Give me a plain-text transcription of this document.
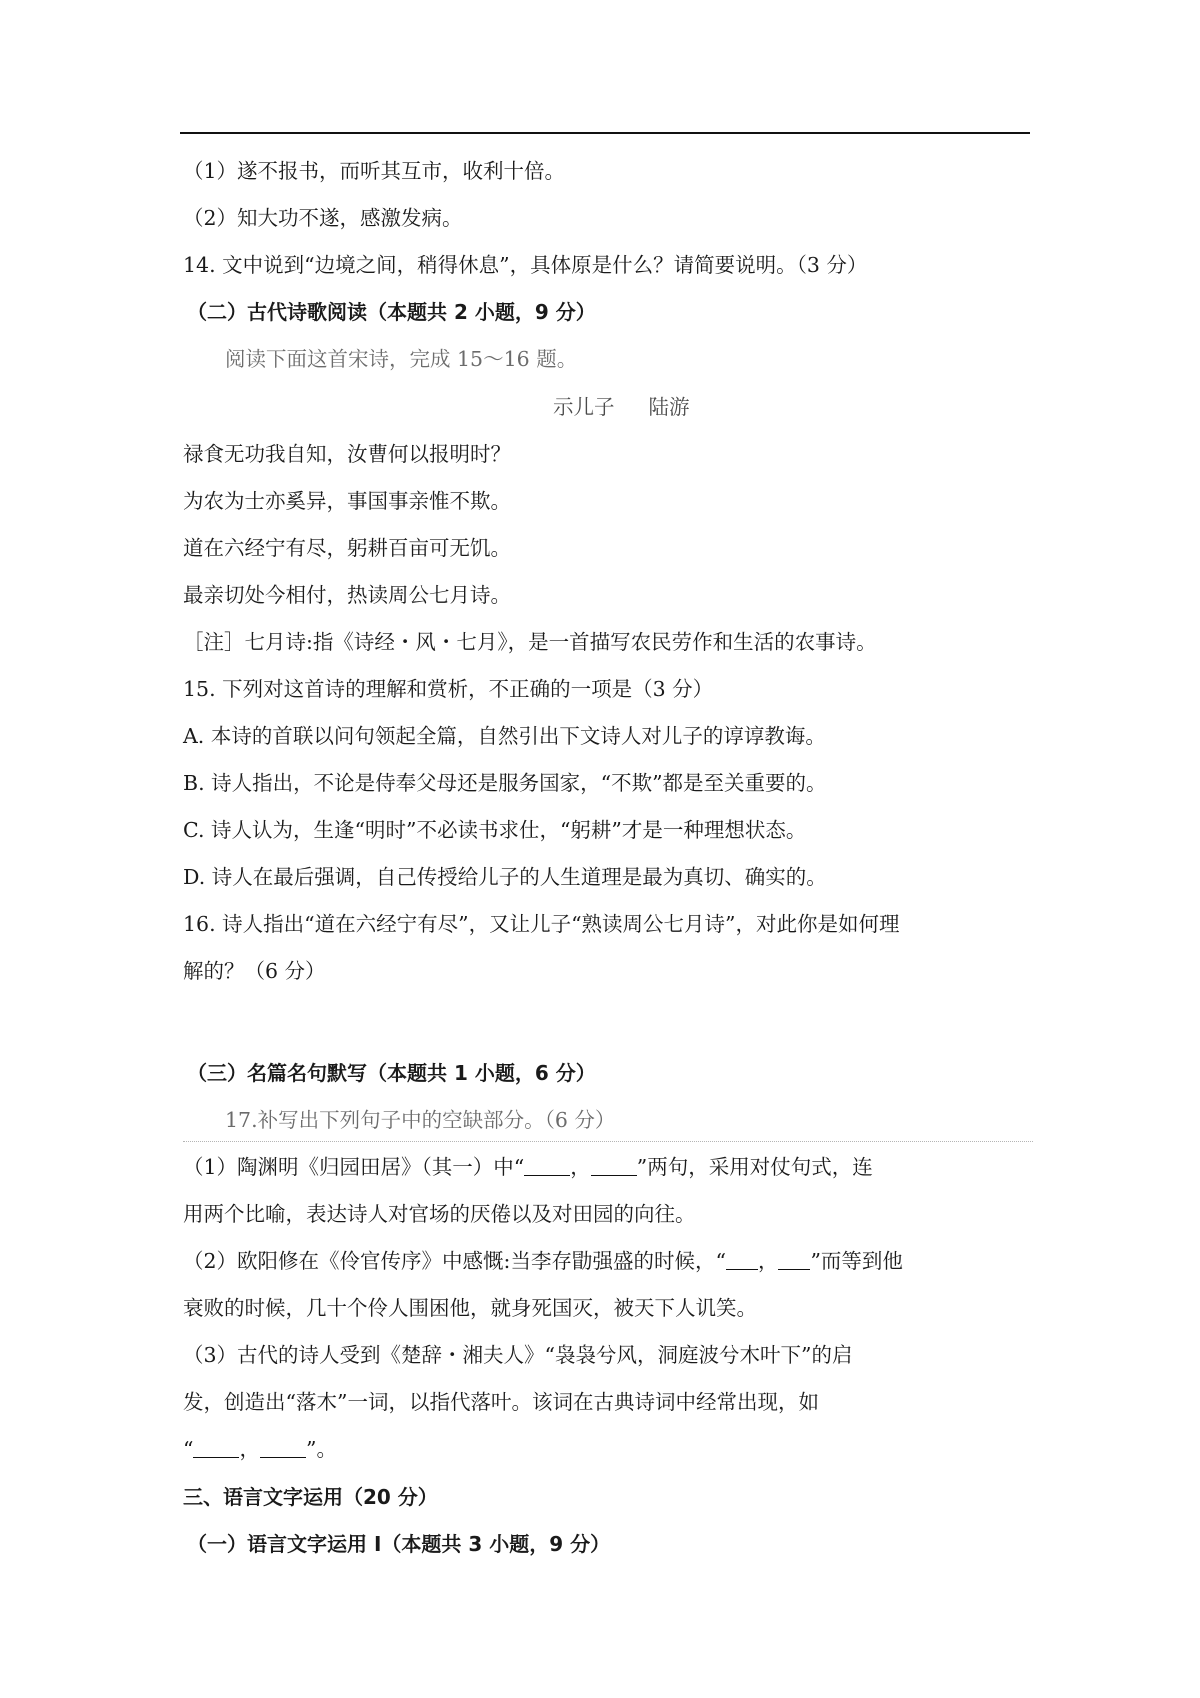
（1）遂不报书，而听其互市，收利十倍。
（2）知大功不遂，感激发病。
14. 文中说到“边境之间，稍得休息”，具体原是什么？请简要说明。（3 分）
（二）古代诗歌阅读（本题共 2 小题，9 分）
阅读下面这首宋诗，完成 15～16 题。
示儿子 陆游
禄食无功我自知，汝曹何以报明时？
为农为士亦奚异，事国事亲惟不欺。
道在六经宁有尽，躬耕百亩可无饥。
最亲切处今相付，热读周公七月诗。
［注］七月诗:指《诗经・风・七月》，是一首描写农民劳作和生活的农事诗。
15. 下列对这首诗的理解和赏析，不正确的一项是（3 分）
A. 本诗的首联以问句领起全篇，自然引出下文诗人对儿子的谆谆教诲。
B. 诗人指出，不论是侍奉父母还是服务国家，“不欺”都是至关重要的。
C. 诗人认为，生逢“明时”不必读书求仕，“躬耕”才是一种理想状态。
D. 诗人在最后强调，自己传授给儿子的人生道理是最为真切、确实的。
16. 诗人指出“道在六经宁有尽”，又让儿子“熟读周公七月诗”，对此你是如何理
解的？（6 分）
（三）名篇名句默写（本题共 1 小题，6 分）
17.补写出下列句子中的空缺部分。（6 分）
（1）陶渊明《归园田居》（其一）中“ ， ”两句，采用对仗句式，连
用两个比喻，表达诗人对官场的厌倦以及对田园的向往。
（2）欧阳修在《伶官传序》中感慨:当李存勖强盛的时候，“ ， ”而等到他
衰败的时候，几十个伶人围困他，就身死国灭，被天下人讥笑。
（3）古代的诗人受到《楚辞・湘夫人》“袅袅兮风，洞庭波兮木叶下”的启
发，创造出“落木”一词，以指代落叶。该词在古典诗词中经常出现，如
“ ， ”。
三、语言文字运用（20 分）
（一）语言文字运用 I（本题共 3 小题，9 分）
